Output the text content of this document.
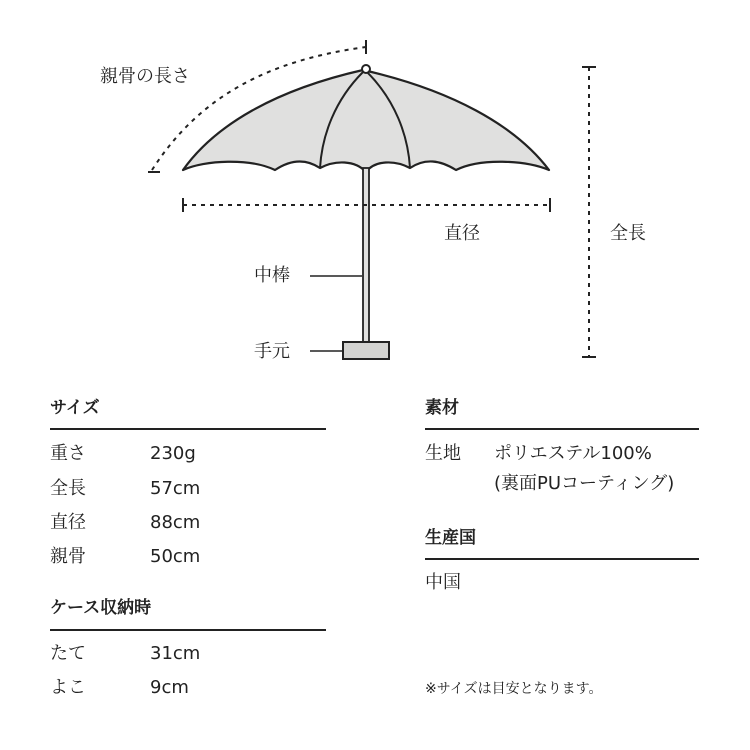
親骨の長さ
直径	全長
中棒
手元
サイズ
重さ	230g
全長	57cm
直径	88cm
親骨	50cm
ケース収納時
たて	31cm
よこ	9cm
素材
生地 ポリエステル100%
(裏面PUコーティング)
生産国
中国
※サイズは目安となります。
